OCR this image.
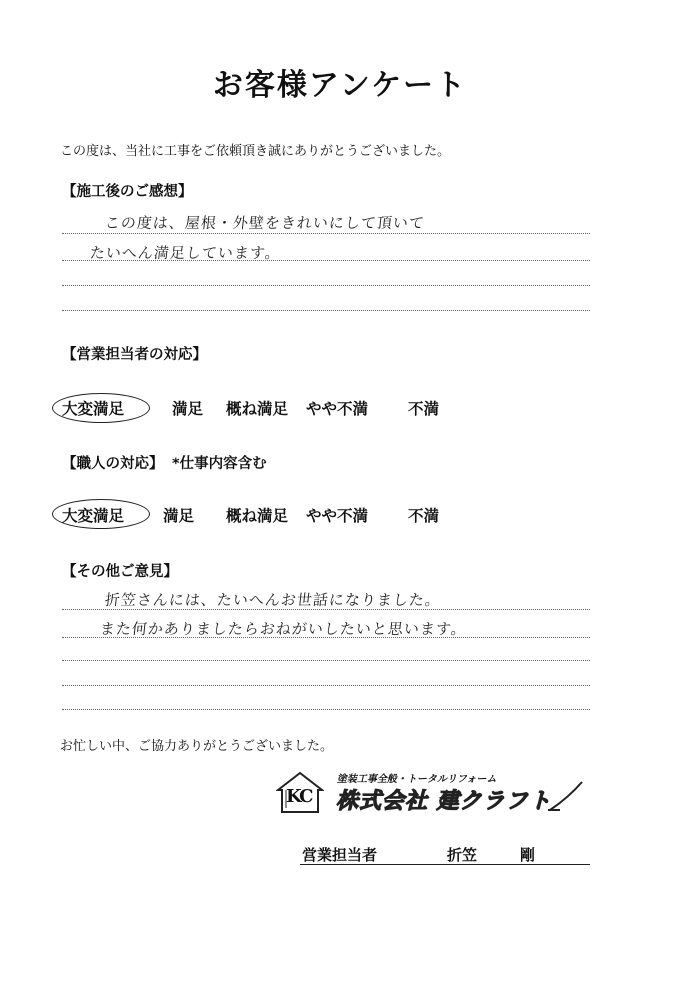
お客様アンケート
この度は、当社に工事をご依頼頂き誠にありがとうございました。
【施工後のご感想】
この度は、屋根・外壁をきれいにして頂いて
たいへん満足しています。
【営業担当者の対応】
大変満足	満足 概ね満足 やや不満	不満
【職人の対応】 *仕事内容含む
大変満足	満足 概ね満足 やや不満	不満
【その他ご意見】
折笠さんには、たいへんお世話になりました。
また何かありましたらおねがいしたいと思います。
お忙しい中、ご協力ありがとうございました。
KC
塗装工事全般・トータルリフォーム
株式会社 建クラフト
営業担当者	折笠	剛
